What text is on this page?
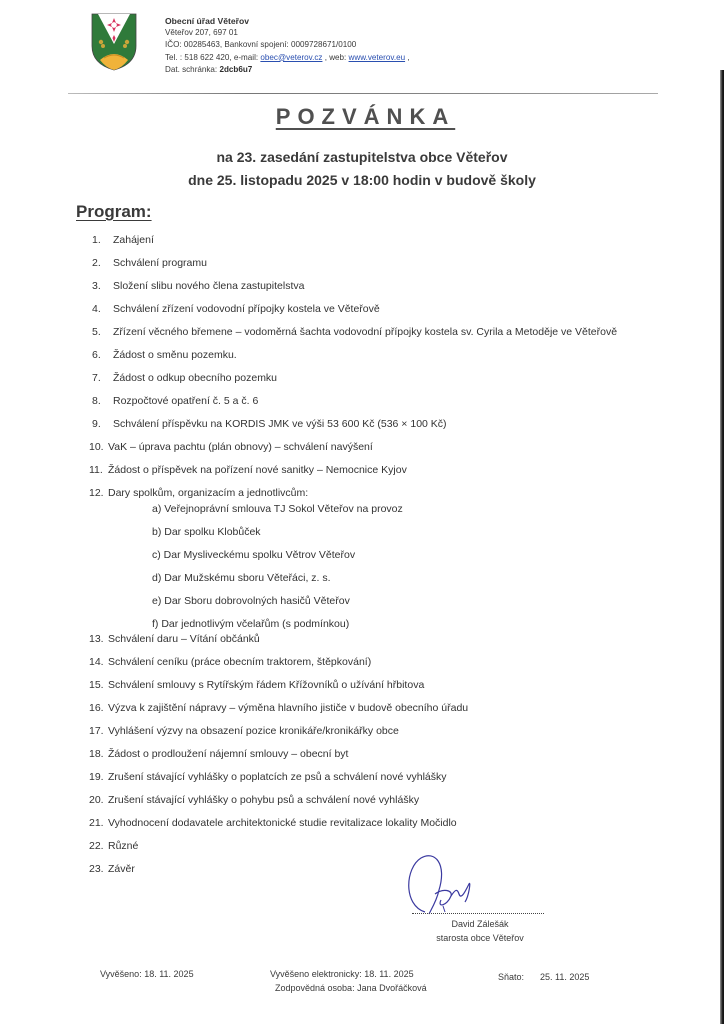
Obecní úřad Věteřov
Věteřov 207, 697 01
IČO: 00285463, Bankovní spojení: 0009728671/0100
Tel. : 518 622 420, e-mail: obec@veterov.cz , web: www.veterov.eu ,
Dat. schránka: 2dcb6u7
POZVÁNKA
na 23. zasedání zastupitelstva obce Věteřov
dne 25. listopadu 2025 v 18:00 hodin v budově školy
Program:
1.	Zahájení
2.	Schválení programu
3.	Složení slibu nového člena zastupitelstva
4.	Schválení zřízení vodovodní přípojky kostela ve Věteřově
5.	Zřízení věcného břemene – vodoměrná šachta vodovodní přípojky kostela sv. Cyrila a Metoděje ve Věteřově
6.	Žádost o směnu pozemku.
7.	Žádost o odkup obecního pozemku
8.	Rozpočtové opatření č. 5 a č. 6
9.	Schválení příspěvku na KORDIS JMK ve výši 53 600 Kč (536 × 100 Kč)
10. VaK – úprava pachtu (plán obnovy) – schválení navýšení
11. Žádost o příspěvek na pořízení nové sanitky – Nemocnice Kyjov
12. Dary spolkům, organizacím a jednotlivcům:
13. Schválení daru – Vítání občánků
14. Schválení ceníku (práce obecním traktorem, štěpkování)
15. Schválení smlouvy s Rytířským řádem Křížovníků o užívání hřbitova
16. Výzva k zajištění nápravy – výměna hlavního jističe v budově obecního úřadu
17. Vyhlášení výzvy na obsazení pozice kronikáře/kronikářky obce
18. Žádost o prodloužení nájemní smlouvy – obecní byt
19. Zrušení stávající vyhlášky o poplatcích ze psů a schválení nové vyhlášky
20. Zrušení stávající vyhlášky o pohybu psů a schválení nové vyhlášky
21. Vyhodnocení dodavatele architektonické studie revitalizace lokality Močidlo
22. Různé
23. Závěr
a) Veřejnoprávní smlouva TJ Sokol Věteřov na provoz
b) Dar spolku Klobůček
c) Dar Mysliveckému spolku Větrov Věteřov
d) Dar Mužskému sboru Věteřáci, z. s.
e) Dar Sboru dobrovolných hasičů Věteřov
f) Dar jednotlivým včelařům (s podmínkou)
David Zálešák
starosta obce Věteřov
Vyvěšeno: 18. 11. 2025	Vyvěšeno elektronicky: 18. 11. 2025
Zodpovědná osoba: Jana Dvořáčková
Sňato: 25. 11. 2025
